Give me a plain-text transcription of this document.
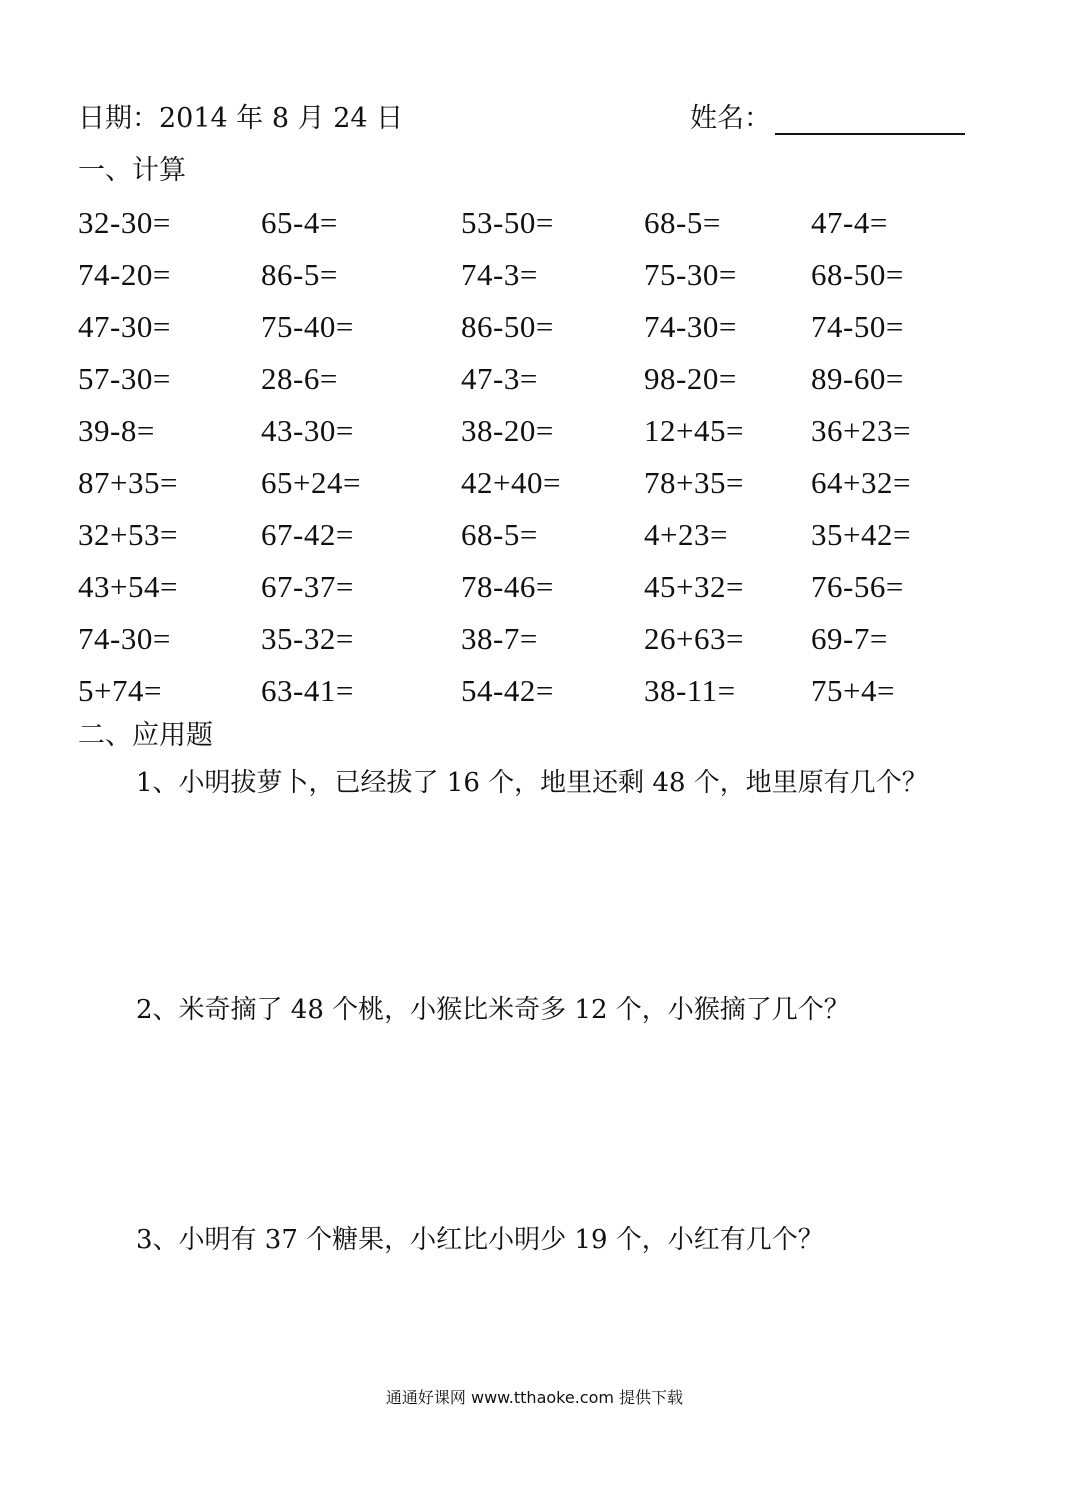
日期：2014 年 8 月 24 日	姓名：
一、计算
32-30=	65-4=	53-50=	68-5=	47-4=
74-20=	86-5=	74-3=	75-30=	68-50=
47-30=	75-40=	86-50=	74-30=	74-50=
57-30=	28-6=	47-3=	98-20=	89-60=
39-8=	43-30=	38-20=	12+45=	36+23=
87+35=	65+24=	42+40=	78+35=	64+32=
32+53=	67-42=	68-5=	4+23=	35+42=
43+54=	67-37=	78-46=	45+32=	76-56=
74-30=	35-32=	38-7=	26+63=	69-7=
5+74=	63-41=	54-42=	38-11=	75+4=
二、应用题
1、小明拔萝卜，已经拔了 16 个，地里还剩 48 个，地里原有几个？
2、米奇摘了 48 个桃，小猴比米奇多 12 个，小猴摘了几个？
3、小明有 37 个糖果，小红比小明少 19 个，小红有几个？
通通好课网 www.tthaoke.com 提供下载
